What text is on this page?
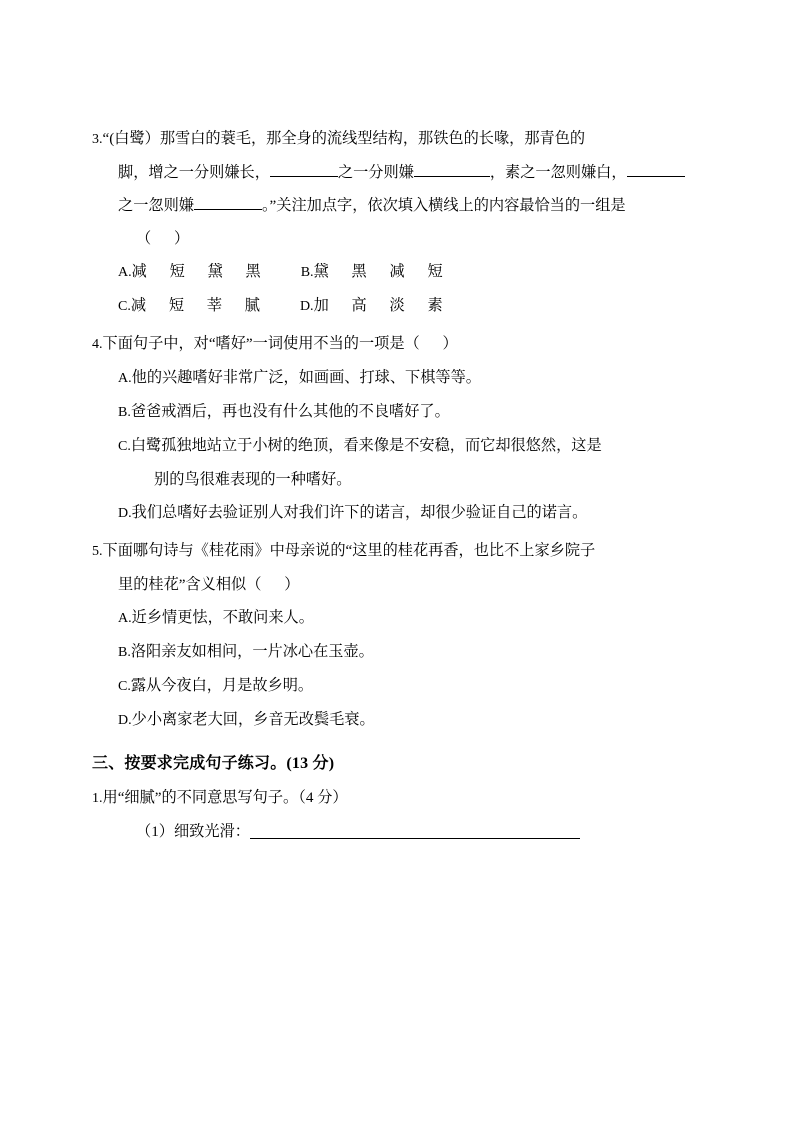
3.“(白鹭）那雪白的蓑毛，那全身的流线型结构，那铁色的长喙，那青色的
脚，增之一分则嫌长，	之一分则嫌	，素之一忽则嫌白，
之一忽则嫌	。”关注加点字，依次填入横线上的内容最恰当的一组是
（      ）
A.减      短      黛      黑	B.黛      黑      减      短
C.减      短      莘      腻	D.加      高      淡      素
4.下面句子中，对“嗜好”一词使用不当的一项是（      ）
A.他的兴趣嗜好非常广泛，如画画、打球、下棋等等。
B.爸爸戒酒后，再也没有什么其他的不良嗜好了。
C.白鹭孤独地站立于小树的绝顶，看来像是不安稳，而它却很悠然，这是
别的鸟很难表现的一种嗜好。
D.我们总嗜好去验证别人对我们许下的诺言，却很少验证自己的诺言。
5.下面哪句诗与《桂花雨》中母亲说的“这里的桂花再香，也比不上家乡院子
里的桂花”含义相似（      ）
A.近乡情更怯，不敢问来人。
B.洛阳亲友如相问，一片冰心在玉壶。
C.露从今夜白，月是故乡明。
D.少小离家老大回，乡音无改鬓毛衰。
三、按要求完成句子练习。(13 分)
1.用“细腻”的不同意思写句子。（4 分）
（1）细致光滑：
